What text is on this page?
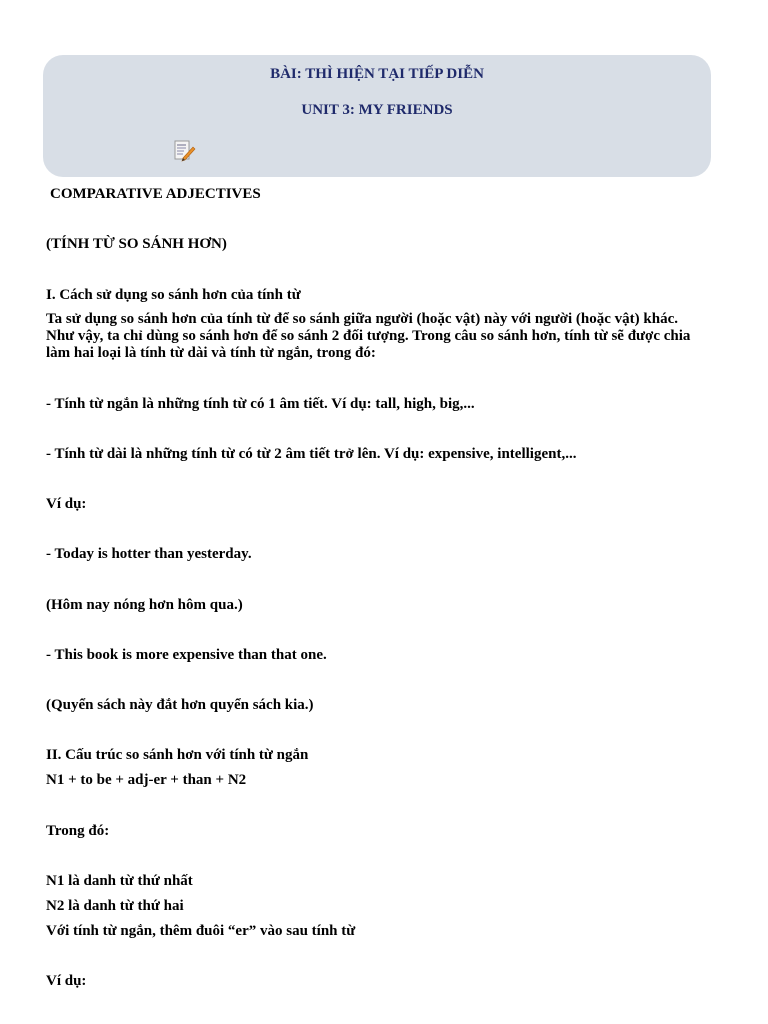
BÀI: THÌ HIỆN TẠI TIẾP DIỄN

UNIT 3: MY FRIENDS

COMPARATIVE ADJECTIVES

(TÍNH TỪ SO SÁNH HƠN)

I. Cách sử dụng so sánh hơn của tính từ

Ta sử dụng so sánh hơn của tính từ để so sánh giữa người (hoặc vật) này với người (hoặc vật) khác.
Như vậy, ta chỉ dùng so sánh hơn để so sánh 2 đối tượng. Trong câu so sánh hơn, tính từ sẽ được chia
làm hai loại là tính từ dài và tính từ ngắn, trong đó:

- Tính từ ngắn là những tính từ có 1 âm tiết. Ví dụ: tall, high, big,...

- Tính từ dài là những tính từ có từ 2 âm tiết trở lên. Ví dụ: expensive, intelligent,...

Ví dụ:

- Today is hotter than yesterday.

(Hôm nay nóng hơn hôm qua.)

- This book is more expensive than that one.

(Quyển sách này đắt hơn quyển sách kia.)

II. Cấu trúc so sánh hơn với tính từ ngắn

N1 + to be + adj-er + than + N2

Trong đó:

N1 là danh từ thứ nhất

N2 là danh từ thứ hai

Với tính từ ngắn, thêm đuôi “er” vào sau tính từ

Ví dụ:
